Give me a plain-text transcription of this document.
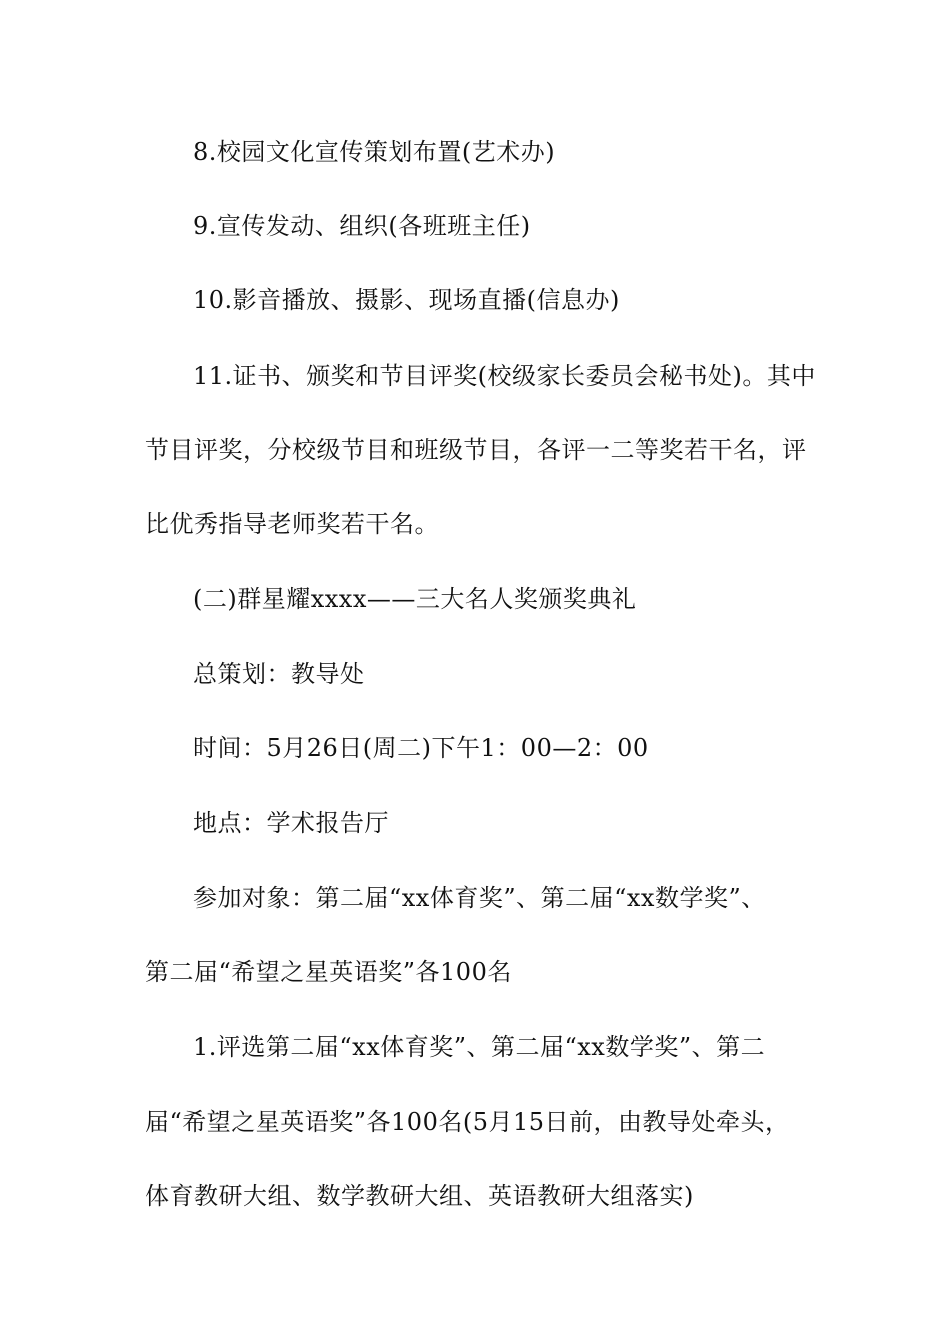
8.校园文化宣传策划布置(艺术办)
9.宣传发动、组织(各班班主任)
10.影音播放、摄影、现场直播(信息办)
11.证书、颁奖和节目评奖(校级家长委员会秘书处)。其中
节目评奖，分校级节目和班级节目，各评一二等奖若干名，评
比优秀指导老师奖若干名。
(二)群星耀xxxx——三大名人奖颁奖典礼
总策划：教导处
时间：5月26日(周二)下午1：00—2：00
地点：学术报告厅
参加对象：第二届“xx体育奖”、第二届“xx数学奖”、
第二届“希望之星英语奖”各100名
1.评选第二届“xx体育奖”、第二届“xx数学奖”、第二
届“希望之星英语奖”各100名(5月15日前，由教导处牵头，
体育教研大组、数学教研大组、英语教研大组落实)
